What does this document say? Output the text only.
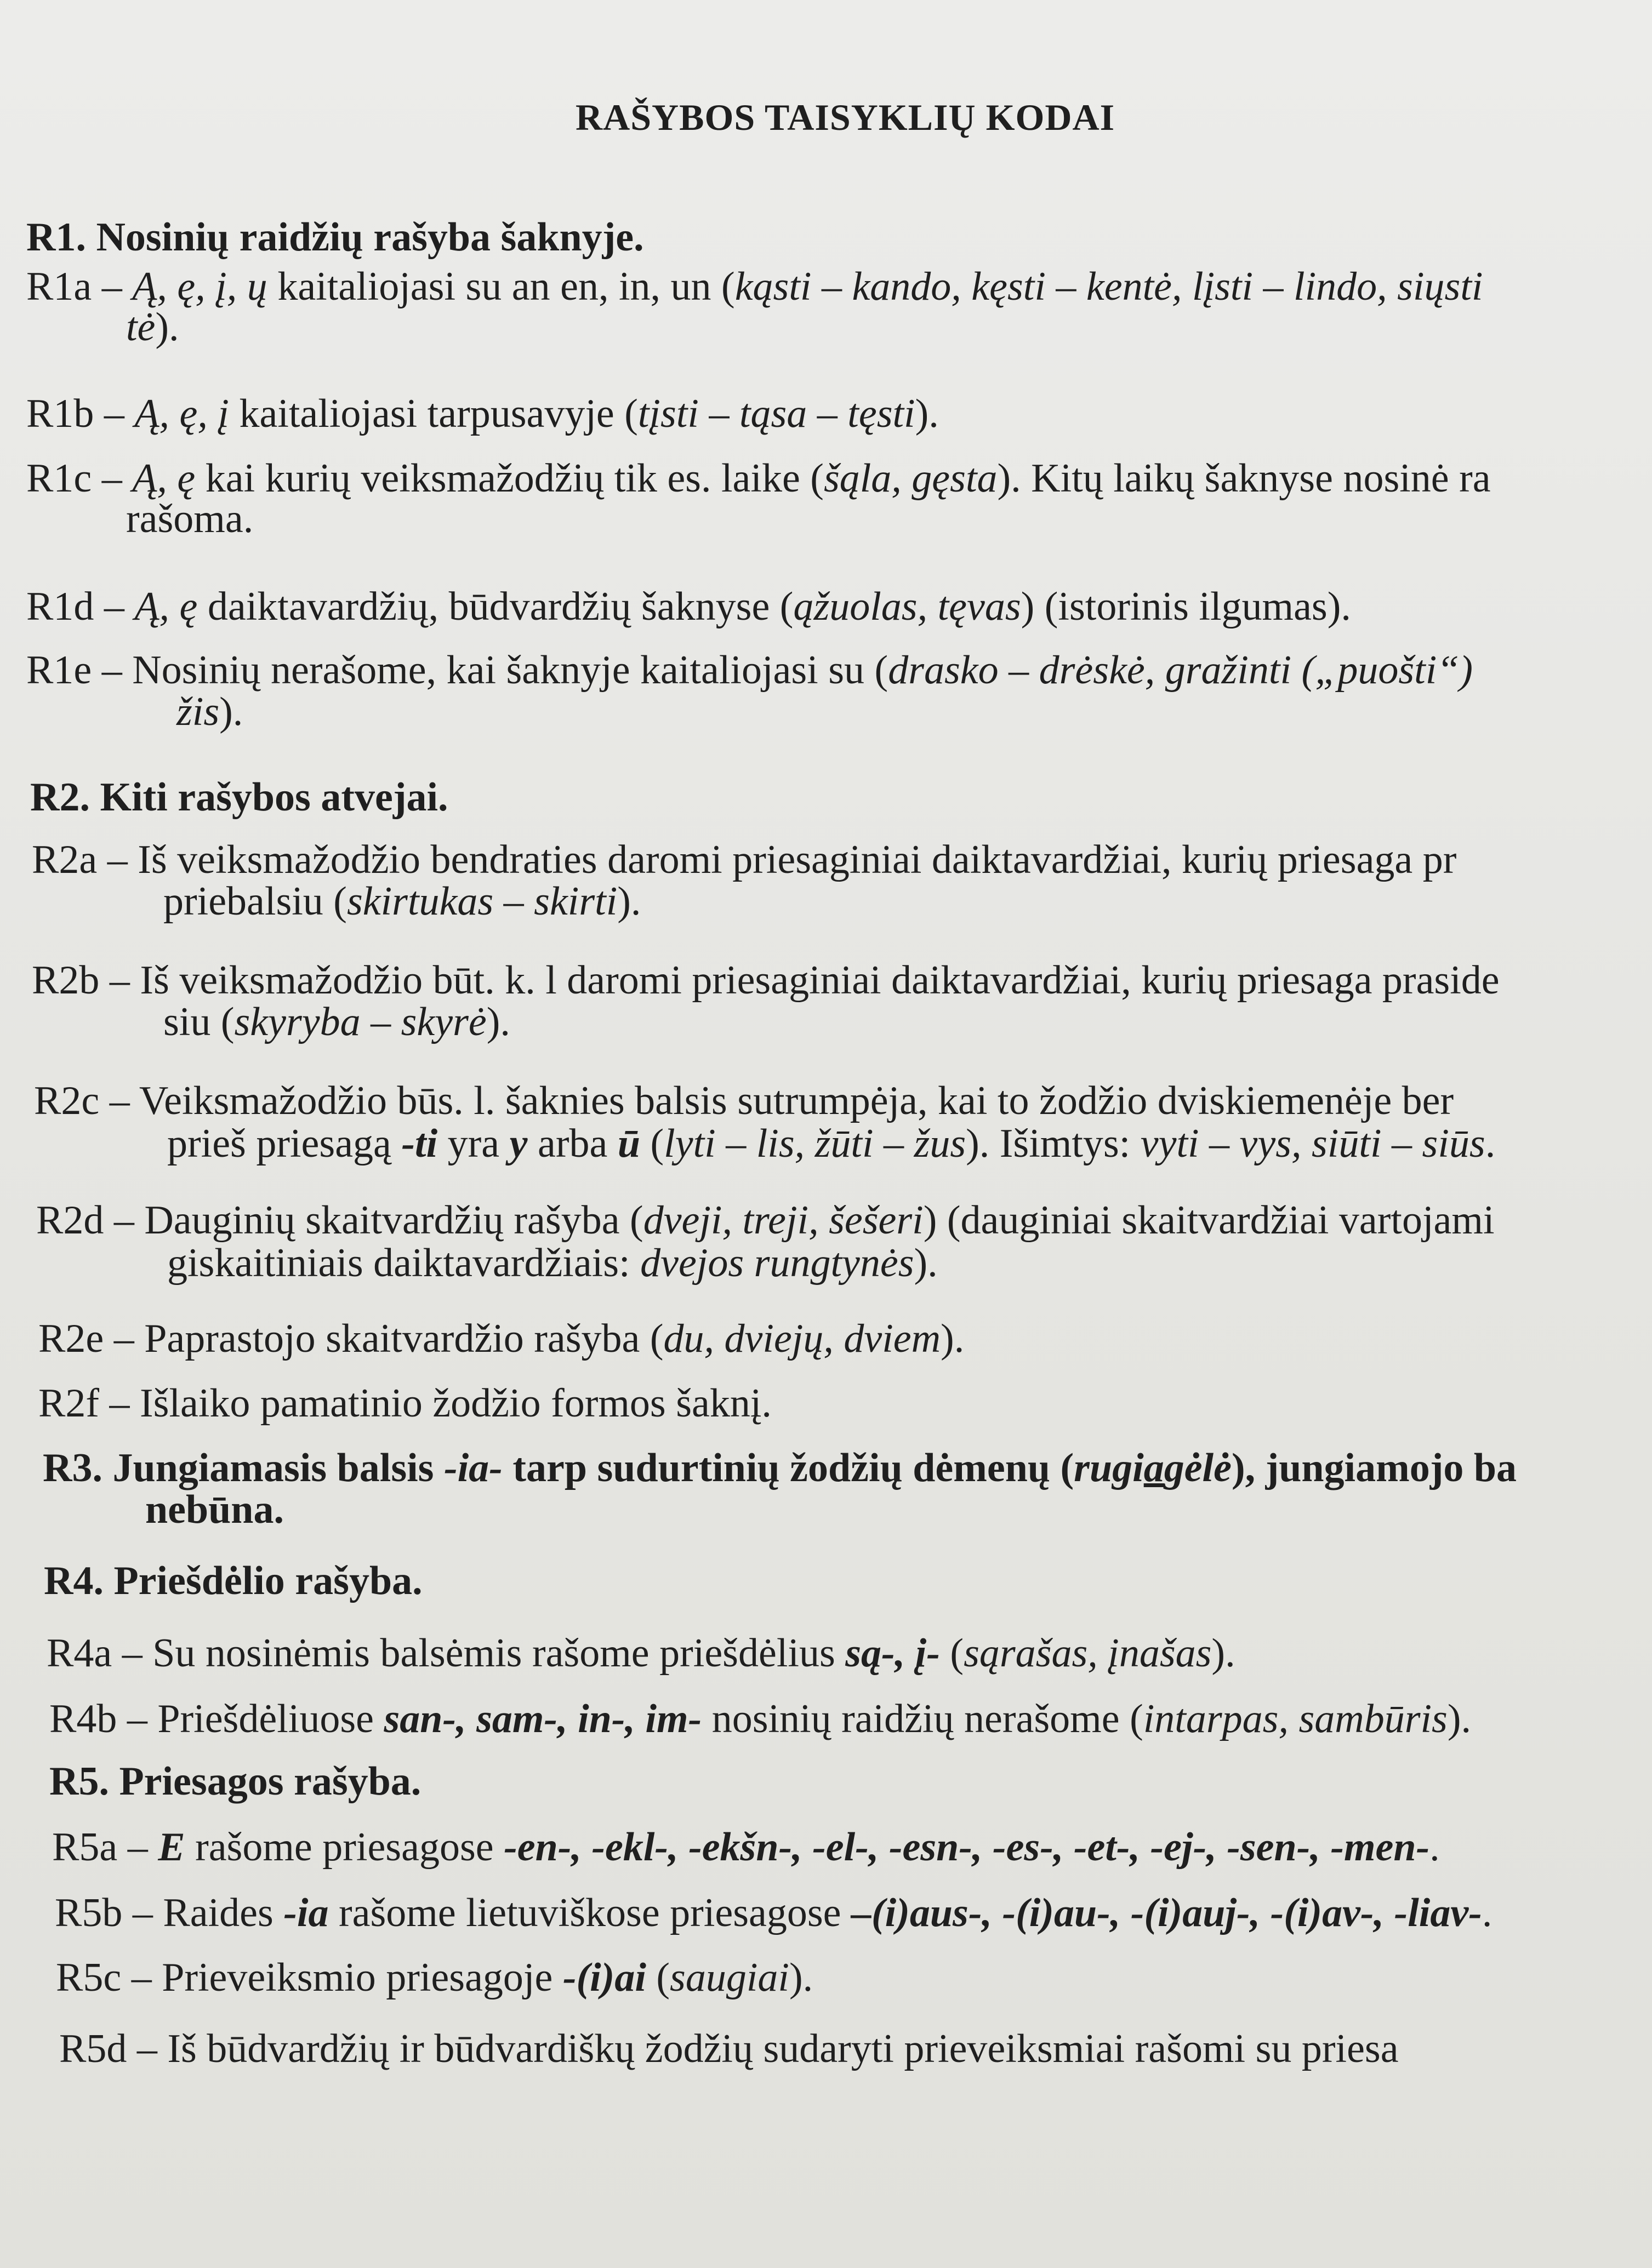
RAŠYBOS TAISYKLIŲ KODAI
R1. Nosinių raidžių rašyba šaknyje.
R1a – Ą, ę, į, ų kaitaliojasi su an en, in, un (kąsti – kando, kęsti – kentė, lįsti – lindo, siųsti
tė).
R1b – Ą, ę, į kaitaliojasi tarpusavyje (tįsti – tąsa – tęsti).
R1c – Ą, ę kai kurių veiksmažodžių tik es. laike (šąla, gęsta). Kitų laikų šaknyse nosinė ra
rašoma.
R1d – Ą, ę daiktavardžių, būdvardžių šaknyse (ąžuolas, tęvas) (istorinis ilgumas).
R1e – Nosinių nerašome, kai šaknyje kaitaliojasi su (drasko – drėskė, gražinti („puošti“)
žis).
R2. Kiti rašybos atvejai.
R2a – Iš veiksmažodžio bendraties daromi priesaginiai daiktavardžiai, kurių priesaga pr
priebalsiu (skirtukas – skirti).
R2b – Iš veiksmažodžio būt. k. l daromi priesaginiai daiktavardžiai, kurių priesaga praside
siu (skyryba – skyrė).
R2c – Veiksmažodžio būs. l. šaknies balsis sutrumpėja, kai to žodžio dviskiemenėje ber
prieš priesagą -ti yra y arba ū (lyti – lis, žūti – žus). Išimtys: vyti – vys, siūti – siūs.
R2d – Dauginių skaitvardžių rašyba (dveji, treji, šešeri) (dauginiai skaitvardžiai vartojami
giskaitiniais daiktavardžiais: dvejos rungtynės).
R2e – Paprastojo skaitvardžio rašyba (du, dviejų, dviem).
R2f – Išlaiko pamatinio žodžio formos šaknį.
R3. Jungiamasis balsis -ia- tarp sudurtinių žodžių dėmenų (rugiagėlė), jungiamojo ba
nebūna.
R4. Priešdėlio rašyba.
R4a – Su nosinėmis balsėmis rašome priešdėlius są-, į- (sąrašas, įnašas).
R4b – Priešdėliuose san-, sam-, in-, im- nosinių raidžių nerašome (intarpas, sambūris).
R5. Priesagos rašyba.
R5a – E rašome priesagose -en-, -ekl-, -ekšn-, -el-, -esn-, -es-, -et-, -ej-, -sen-, -men-.
R5b – Raides -ia rašome lietuviškose priesagose –(i)aus-, -(i)au-, -(i)auj-, -(i)av-, -liav-.
R5c – Prieveiksmio priesagoje -(i)ai (saugiai).
R5d – Iš būdvardžių ir būdvardiškų žodžių sudaryti prieveiksmiai rašomi su priesa
